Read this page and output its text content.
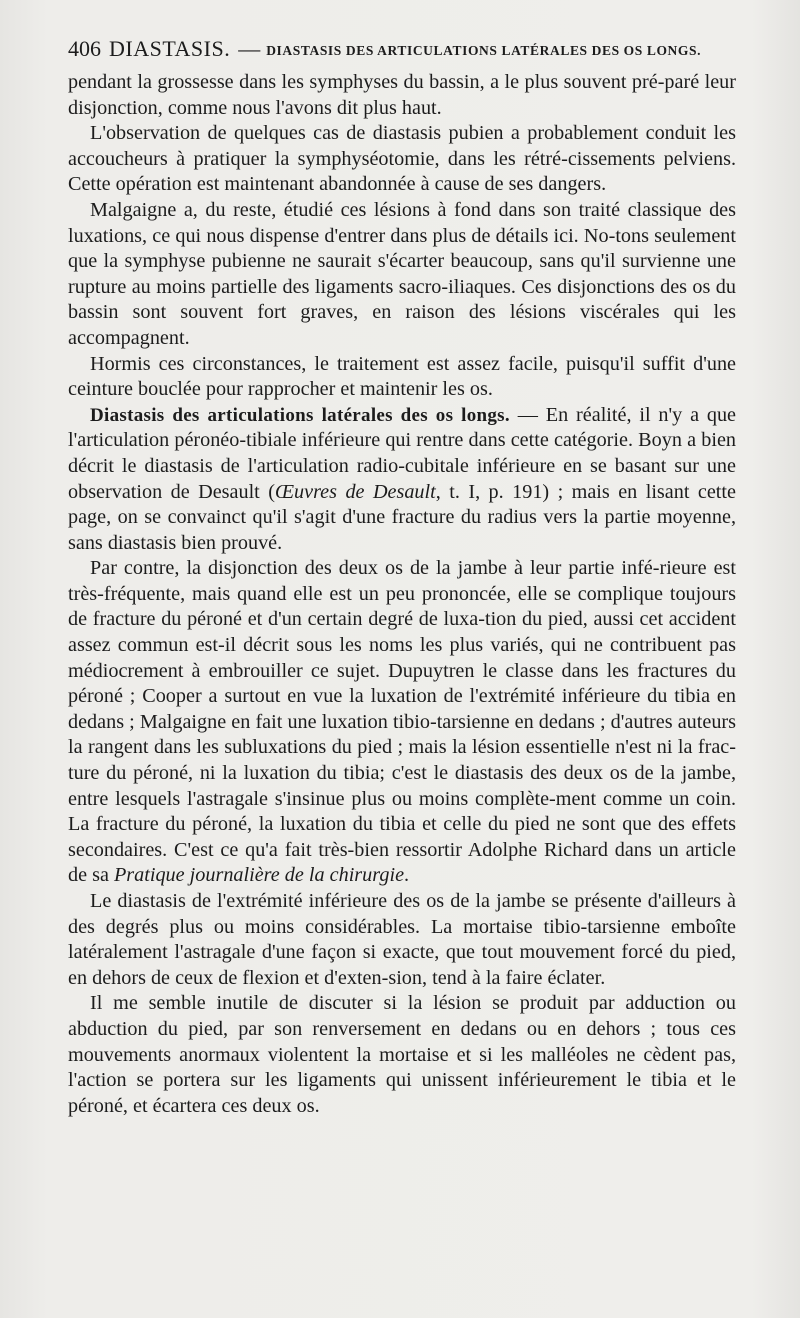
406 DIASTASIS. — DIASTASIS DES ARTICULATIONS LATÉRALES DES OS LONGS.

pendant la grossesse dans les symphyses du bassin, a le plus souvent pré-paré leur disjonction, comme nous l'avons dit plus haut.

L'observation de quelques cas de diastasis pubien a probablement conduit les accoucheurs à pratiquer la symphyséotomie, dans les rétré-cissements pelviens. Cette opération est maintenant abandonnée à cause de ses dangers.

Malgaigne a, du reste, étudié ces lésions à fond dans son traité classique des luxations, ce qui nous dispense d'entrer dans plus de détails ici. No-tons seulement que la symphyse pubienne ne saurait s'écarter beaucoup, sans qu'il survienne une rupture au moins partielle des ligaments sacro-iliaques. Ces disjonctions des os du bassin sont souvent fort graves, en raison des lésions viscérales qui les accompagnent.

Hormis ces circonstances, le traitement est assez facile, puisqu'il suffit d'une ceinture bouclée pour rapprocher et maintenir les os.

Diastasis des articulations latérales des os longs. — En réalité, il n'y a que l'articulation péronéo-tibiale inférieure qui rentre dans cette catégorie. Boyn a bien décrit le diastasis de l'articulation radio-cubitale inférieure en se basant sur une observation de Desault (Œuvres de Desault, t. I, p. 191) ; mais en lisant cette page, on se convainct qu'il s'agit d'une fracture du radius vers la partie moyenne, sans diastasis bien prouvé.

Par contre, la disjonction des deux os de la jambe à leur partie infé-rieure est très-fréquente, mais quand elle est un peu prononcée, elle se complique toujours de fracture du péroné et d'un certain degré de luxa-tion du pied, aussi cet accident assez commun est-il décrit sous les noms les plus variés, qui ne contribuent pas médiocrement à embrouiller ce sujet. Dupuytren le classe dans les fractures du péroné ; Cooper a surtout en vue la luxation de l'extrémité inférieure du tibia en dedans ; Malgaigne en fait une luxation tibio-tarsienne en dedans ; d'autres auteurs la rangent dans les subluxations du pied ; mais la lésion essentielle n'est ni la frac-ture du péroné, ni la luxation du tibia; c'est le diastasis des deux os de la jambe, entre lesquels l'astragale s'insinue plus ou moins complète-ment comme un coin. La fracture du péroné, la luxation du tibia et celle du pied ne sont que des effets secondaires. C'est ce qu'a fait très-bien ressortir Adolphe Richard dans un article de sa Pratique journalière de la chirurgie.

Le diastasis de l'extrémité inférieure des os de la jambe se présente d'ailleurs à des degrés plus ou moins considérables. La mortaise tibio-tarsienne emboîte latéralement l'astragale d'une façon si exacte, que tout mouvement forcé du pied, en dehors de ceux de flexion et d'exten-sion, tend à la faire éclater.

Il me semble inutile de discuter si la lésion se produit par adduction ou abduction du pied, par son renversement en dedans ou en dehors ; tous ces mouvements anormaux violentent la mortaise et si les malléoles ne cèdent pas, l'action se portera sur les ligaments qui unissent inférieurement le tibia et le péroné, et écartera ces deux os.
